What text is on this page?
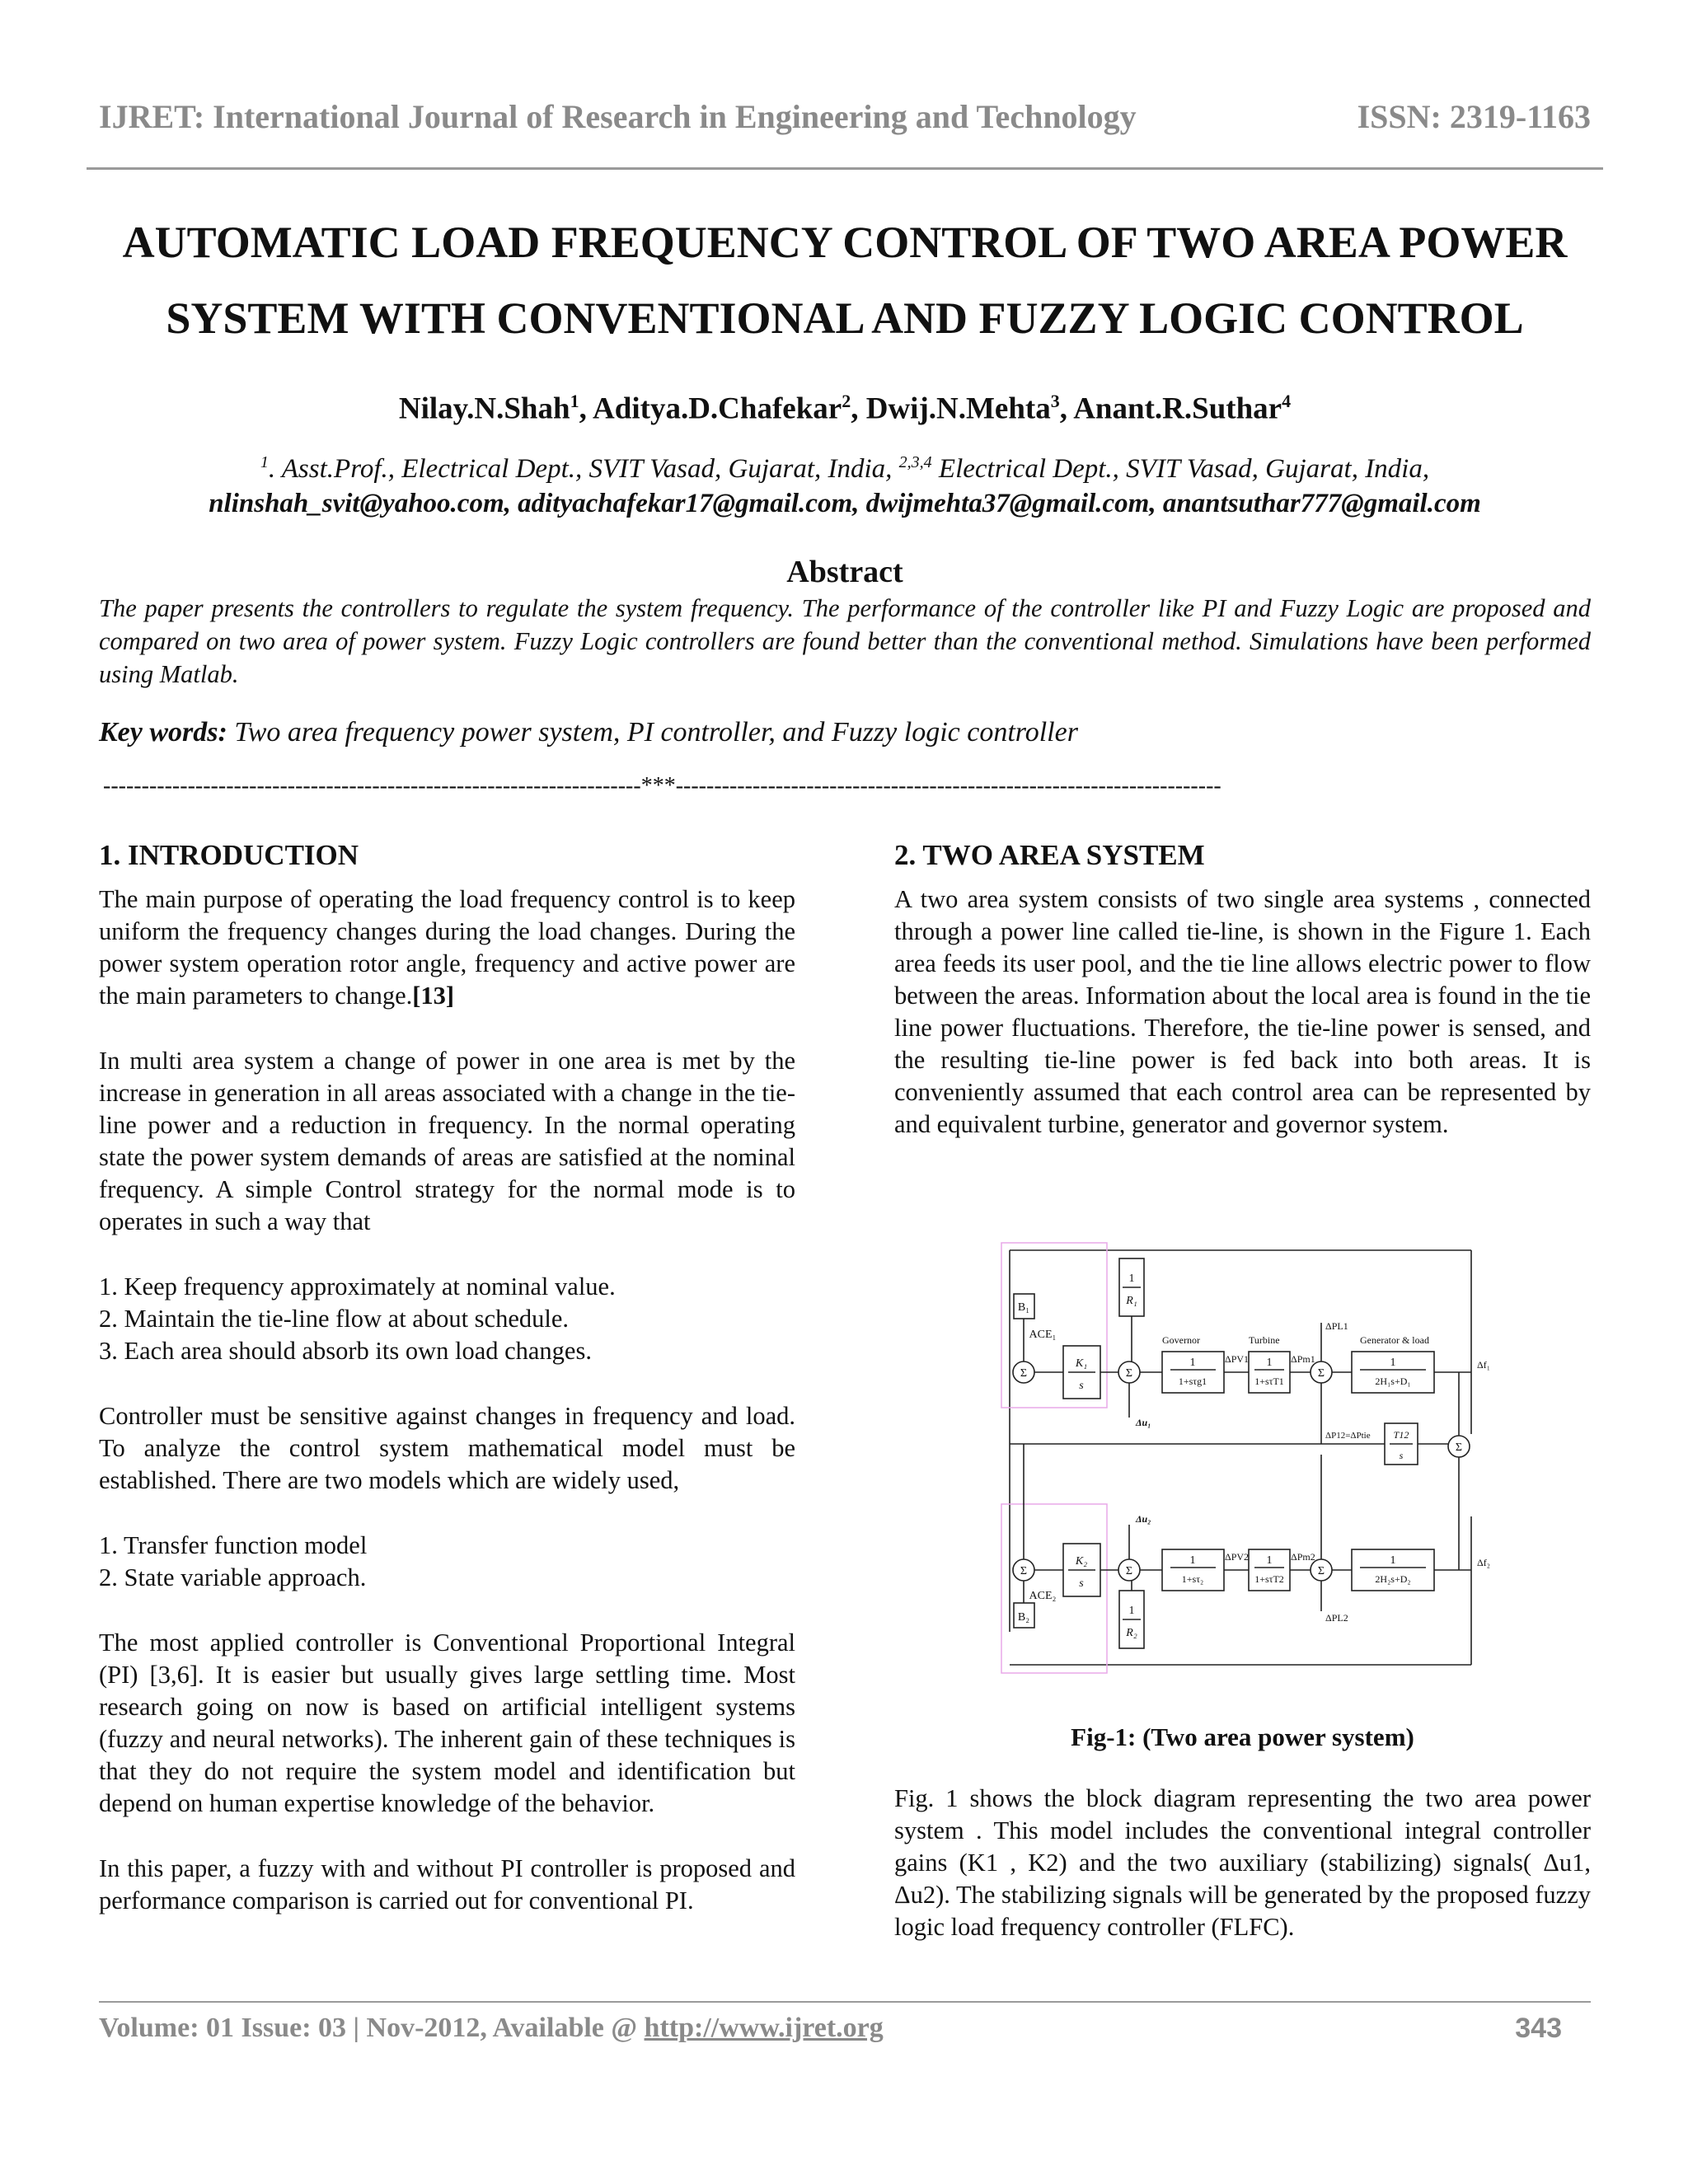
IJRET: International Journal of Research in Engineering and Technology	ISSN: 2319-1163
AUTOMATIC LOAD FREQUENCY CONTROL OF TWO AREA POWER
SYSTEM WITH CONVENTIONAL AND FUZZY LOGIC CONTROL
Nilay.N.Shah$^1$, Aditya.D.Chafekar$^2$, Dwij.N.Mehta$^3$, Anant.R.Suthar$^4$
$^1$. Asst.Prof., Electrical Dept., SVIT Vasad, Gujarat, India, $^{2,3,4}$ Electrical Dept., SVIT Vasad, Gujarat, India,
nlinshah_svit@yahoo.com, adityachafekar17@gmail.com, dwijmehta37@gmail.com, anantsuthar777@gmail.com
Abstract
The paper presents the controllers to regulate the system frequency. The performance of the controller like PI and Fuzzy Logic are proposed and compared on two area of power system. Fuzzy Logic controllers are found better than the conventional method. Simulations have been performed using Matlab.
Key words: Two area frequency power system, PI controller, and Fuzzy logic controller
----------------------------------------------------------------------***-----------------------------------------------------------------------
1. INTRODUCTION

The main purpose of operating the load frequency control is to keep uniform the frequency changes during the load changes. During the power system operation rotor angle, frequency and active power are the main parameters to change.[13]

In multi area system a change of power in one area is met by the increase in generation in all areas associated with a change in the tie-line power and a reduction in frequency. In the normal operating state the power system demands of areas are satisfied at the nominal frequency. A simple Control strategy for the normal mode is to operates in such a way that

1. Keep frequency approximately at nominal value.
2. Maintain the tie-line flow at about schedule.
3. Each area should absorb its own load changes.

Controller must be sensitive against changes in frequency and load. To analyze the control system mathematical model must be established. There are two models which are widely used,

1. Transfer function model
2. State variable approach.

The most applied controller is Conventional Proportional Integral (PI) [3,6]. It is easier but usually gives large settling time. Most research going on now is based on artificial intelligent systems (fuzzy and neural networks). The inherent gain of these techniques is that they do not require the system model and identification but depend on human expertise knowledge of the behavior.

In this paper, a fuzzy with and without PI controller is proposed and performance comparison is carried out for conventional PI.

2. TWO AREA SYSTEM

A two area system consists of two single area systems , connected through a power line called tie-line, is shown in the Figure 1. Each area feeds its user pool, and the tie line allows electric power to flow between the areas. Information about the local area is found in the tie line power fluctuations. Therefore, the tie-line power is sensed, and the resulting tie-line power is fed back into both areas. It is conveniently assumed that each control area can be represented by and equivalent turbine, generator and governor system.

B₁
B₂
ACE₁
ACE₂
Σ	Σ	Σ
Σ
Σ	Σ	Σ
K₁
s
K₂
s
1
R₁
1
R₂
1
1+sτg1
1
1+sτT1
1
2H₁s+D₁
1
1+sτ₂
1
1+sτT2
1
2H₂s+D₂
T12
s
Governor	Turbine	Generator & load
ΔPV1	ΔPm1
ΔPL1
Δf₁
Δu₁
ΔP12=ΔPtie
ΔPV2	ΔPm2
ΔPL2
Δf₂
Δu₂
Fig-1: (Two area power system)

Fig. 1 shows the block diagram representing the two area power system . This model includes the conventional integral controller gains (K1 , K2) and the two auxiliary (stabilizing) signals( Δu1, Δu2). The stabilizing signals will be generated by the proposed fuzzy logic load frequency controller (FLFC).

Volume: 01 Issue: 03 | Nov-2012, Available @ http://www.ijret.org	343
